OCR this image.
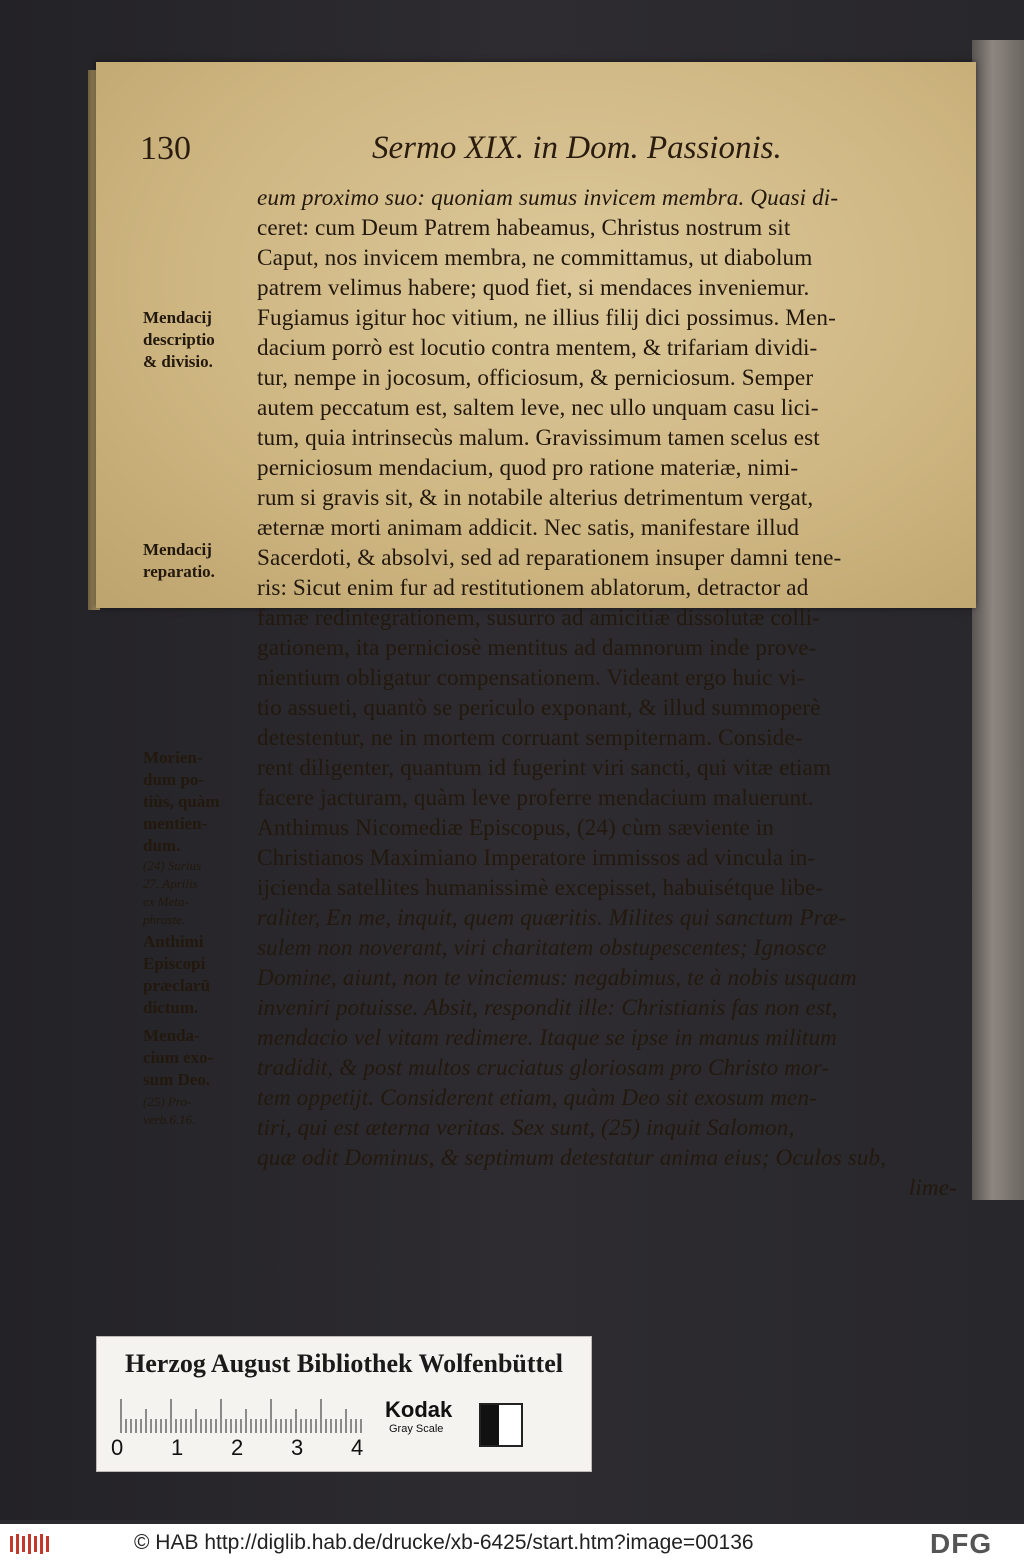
130	Sermo XIX. in Dom. Passionis.
eum proximo suo: quoniam sumus invicem membra. Quasi di-
ceret: cum Deum Patrem habeamus, Christus nostrum sit
Caput, nos invicem membra, ne committamus, ut diabolum
patrem velimus habere; quod fiet, si mendaces inveniemur.
Fugiamus igitur hoc vitium, ne illius filij dici possimus. Men-
dacium porrò est locutio contra mentem, & trifariam dividi-
tur, nempe in jocosum, officiosum, & perniciosum. Semper
autem peccatum est, saltem leve, nec ullo unquam casu lici-
tum, quia intrinsecùs malum. Gravissimum tamen scelus est
perniciosum mendacium, quod pro ratione materiæ, nimi-
rum si gravis sit, & in notabile alterius detrimentum vergat,
æternæ morti animam addicit. Nec satis, manifestare illud
Sacerdoti, & absolvi, sed ad reparationem insuper damni tene-
ris: Sicut enim fur ad restitutionem ablatorum, detractor ad
famæ redintegrationem, susurro ad amicitiæ dissolutæ colli-
gationem, ita perniciosè mentitus ad damnorum inde prove-
nientium obligatur compensationem. Videant ergo huic vi-
tio assueti, quantò se periculo exponant, & illud summoperè
detestentur, ne in mortem corruant sempiternam. Conside-
rent diligenter, quantum id fugerint viri sancti, qui vitæ etiam
facere jacturam, quàm leve proferre mendacium maluerunt.
Anthimus Nicomediæ Episcopus, (24) cùm sæviente in
Christianos Maximiano Imperatore immissos ad vincula in-
ijcienda satellites humanissimè excepisset, habuisétque libe-
raliter, En me, inquit, quem quæritis. Milites qui sanctum Præ-
sulem non noverant, viri charitatem obstupescentes; Ignosce
Domine, aiunt, non te vinciemus: negabimus, te à nobis usquam
inveniri potuisse. Absit, respondit ille: Christianis fas non est,
mendacio vel vitam redimere. Itaque se ipse in manus militum
tradidit, & post multos cruciatus gloriosam pro Christo mor-
tem oppetijt. Considerent etiam, quàm Deo sit exosum men-
tiri, qui est æterna veritas. Sex sunt, (25) inquit Salomon,
quæ odit Dominus, & septimum detestatur anima eius; Oculos sub,
lime-
Mendacij
descriptio
& divisio.
Mendacij
reparatio.
Morien-
dum po-
tiùs, quàm
mentien-
dum.
(24) Surius
27. Aprilis
ex Meta-
phraste.
Anthimi
Episcopi
præclarū
dictum.
Menda-
cium exo-
sum Deo.
(25) Pro-
verb.6.16.
Herzog August Bibliothek Wolfenbüttel
0 1 2 3 4
Kodak
Gray Scale
© HAB http://diglib.hab.de/drucke/xb-6425/start.htm?image=00136	DFG
